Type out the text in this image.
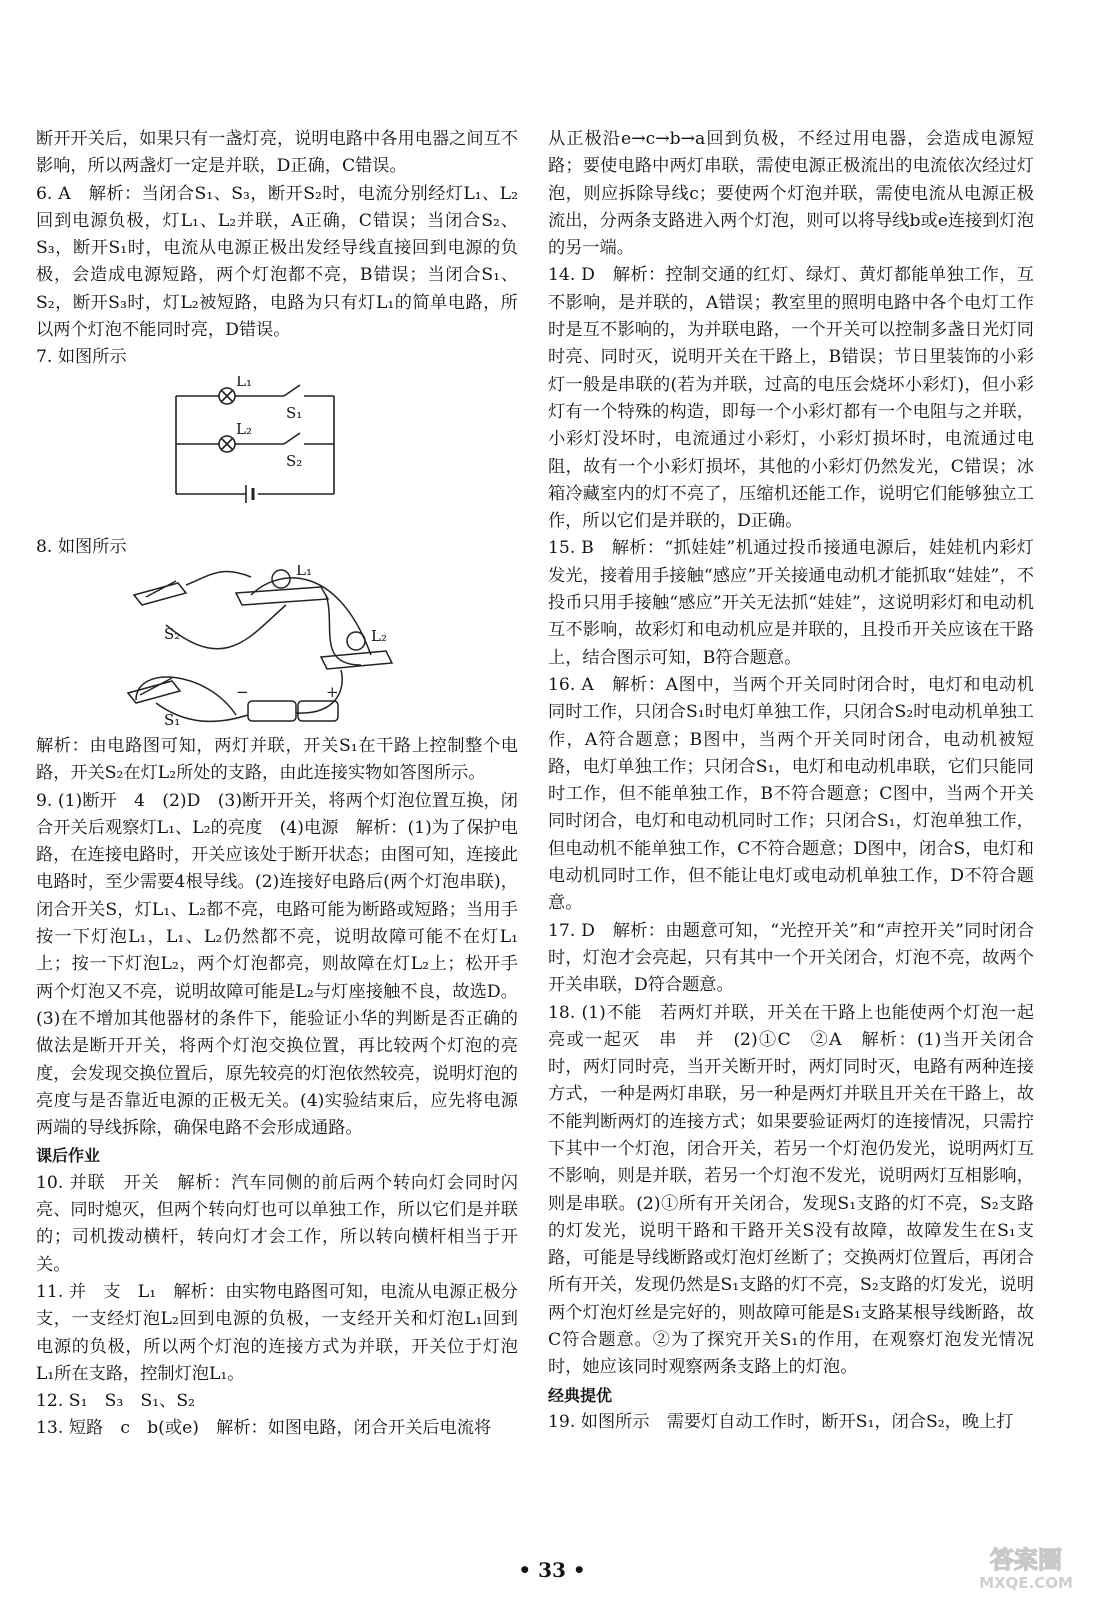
断开开关后，如果只有一盏灯亮，说明电路中各用电器之间互不影响，所以两盏灯一定是并联，D正确，C错误。

6. A　解析：当闭合S₁、S₃，断开S₂时，电流分别经灯L₁、L₂回到电源负极，灯L₁、L₂并联，A正确，C错误；当闭合S₂、S₃，断开S₁时，电流从电源正极出发经导线直接回到电源的负极，会造成电源短路，两个灯泡都不亮，B错误；当闭合S₁、S₂，断开S₃时，灯L₂被短路，电路为只有灯L₁的简单电路，所以两个灯泡不能同时亮，D错误。

7. 如图所示

L₁
S₁
L₂
S₂

8. 如图所示

L₁
L₂
S₂
S₁
−	+

解析：由电路图可知，两灯并联，开关S₁在干路上控制整个电路，开关S₂在灯L₂所处的支路，由此连接实物如答图所示。

9. (1)断开　4　(2)D　(3)断开开关，将两个灯泡位置互换，闭合开关后观察灯L₁、L₂的亮度　(4)电源　解析：(1)为了保护电路，在连接电路时，开关应该处于断开状态；由图可知，连接此电路时，至少需要4根导线。(2)连接好电路后(两个灯泡串联)，闭合开关S，灯L₁、L₂都不亮，电路可能为断路或短路；当用手按一下灯泡L₁，L₁、L₂仍然都不亮，说明故障可能不在灯L₁上；按一下灯泡L₂，两个灯泡都亮，则故障在灯L₂上；松开手两个灯泡又不亮，说明故障可能是L₂与灯座接触不良，故选D。(3)在不增加其他器材的条件下，能验证小华的判断是否正确的做法是断开开关，将两个灯泡交换位置，再比较两个灯泡的亮度，会发现交换位置后，原先较亮的灯泡依然较亮，说明灯泡的亮度与是否靠近电源的正极无关。(4)实验结束后，应先将电源两端的导线拆除，确保电路不会形成通路。

课后作业

10. 并联　开关　解析：汽车同侧的前后两个转向灯会同时闪亮、同时熄灭，但两个转向灯也可以单独工作，所以它们是并联的；司机拨动横杆，转向灯才会工作，所以转向横杆相当于开关。

11. 并　支　L₁　解析：由实物电路图可知，电流从电源正极分支，一支经灯泡L₂回到电源的负极，一支经开关和灯泡L₁回到电源的负极，所以两个灯泡的连接方式为并联，开关位于灯泡L₁所在支路，控制灯泡L₁。

12. S₁　S₃　S₁、S₂

13. 短路　c　b(或e)　解析：如图电路，闭合开关后电流将

从正极沿e→c→b→a回到负极，不经过用电器，会造成电源短路；要使电路中两灯串联，需使电源正极流出的电流依次经过灯泡，则应拆除导线c；要使两个灯泡并联，需使电流从电源正极流出，分两条支路进入两个灯泡，则可以将导线b或e连接到灯泡的另一端。

14. D　解析：控制交通的红灯、绿灯、黄灯都能单独工作，互不影响，是并联的，A错误；教室里的照明电路中各个电灯工作时是互不影响的，为并联电路，一个开关可以控制多盏日光灯同时亮、同时灭，说明开关在干路上，B错误；节日里装饰的小彩灯一般是串联的(若为并联，过高的电压会烧坏小彩灯)，但小彩灯有一个特殊的构造，即每一个小彩灯都有一个电阻与之并联，小彩灯没坏时，电流通过小彩灯，小彩灯损坏时，电流通过电阻，故有一个小彩灯损坏，其他的小彩灯仍然发光，C错误；冰箱冷藏室内的灯不亮了，压缩机还能工作，说明它们能够独立工作，所以它们是并联的，D正确。

15. B　解析：“抓娃娃”机通过投币接通电源后，娃娃机内彩灯发光，接着用手接触“感应”开关接通电动机才能抓取“娃娃”，不投币只用手接触“感应”开关无法抓“娃娃”，这说明彩灯和电动机互不影响，故彩灯和电动机应是并联的，且投币开关应该在干路上，结合图示可知，B符合题意。

16. A　解析：A图中，当两个开关同时闭合时，电灯和电动机同时工作，只闭合S₁时电灯单独工作，只闭合S₂时电动机单独工作，A符合题意；B图中，当两个开关同时闭合，电动机被短路，电灯单独工作；只闭合S₁，电灯和电动机串联，它们只能同时工作，但不能单独工作，B不符合题意；C图中，当两个开关同时闭合，电灯和电动机同时工作；只闭合S₁，灯泡单独工作，但电动机不能单独工作，C不符合题意；D图中，闭合S，电灯和电动机同时工作，但不能让电灯或电动机单独工作，D不符合题意。

17. D　解析：由题意可知，“光控开关”和“声控开关”同时闭合时，灯泡才会亮起，只有其中一个开关闭合，灯泡不亮，故两个开关串联，D符合题意。

18. (1)不能　若两灯并联，开关在干路上也能使两个灯泡一起亮或一起灭　串　并　(2)①C　②A　解析：(1)当开关闭合时，两灯同时亮，当开关断开时，两灯同时灭，电路有两种连接方式，一种是两灯串联，另一种是两灯并联且开关在干路上，故不能判断两灯的连接方式；如果要验证两灯的连接情况，只需拧下其中一个灯泡，闭合开关，若另一个灯泡仍发光，说明两灯互不影响，则是并联，若另一个灯泡不发光，说明两灯互相影响，则是串联。(2)①所有开关闭合，发现S₁支路的灯不亮，S₂支路的灯发光，说明干路和干路开关S没有故障，故障发生在S₁支路，可能是导线断路或灯泡灯丝断了；交换两灯位置后，再闭合所有开关，发现仍然是S₁支路的灯不亮，S₂支路的灯发光，说明两个灯泡灯丝是完好的，则故障可能是S₁支路某根导线断路，故C符合题意。②为了探究开关S₁的作用，在观察灯泡发光情况时，她应该同时观察两条支路上的灯泡。

经典提优

19. 如图所示　需要灯自动工作时，断开S₁，闭合S₂，晚上打

• 33 •	答案圈
MXQE.COM
